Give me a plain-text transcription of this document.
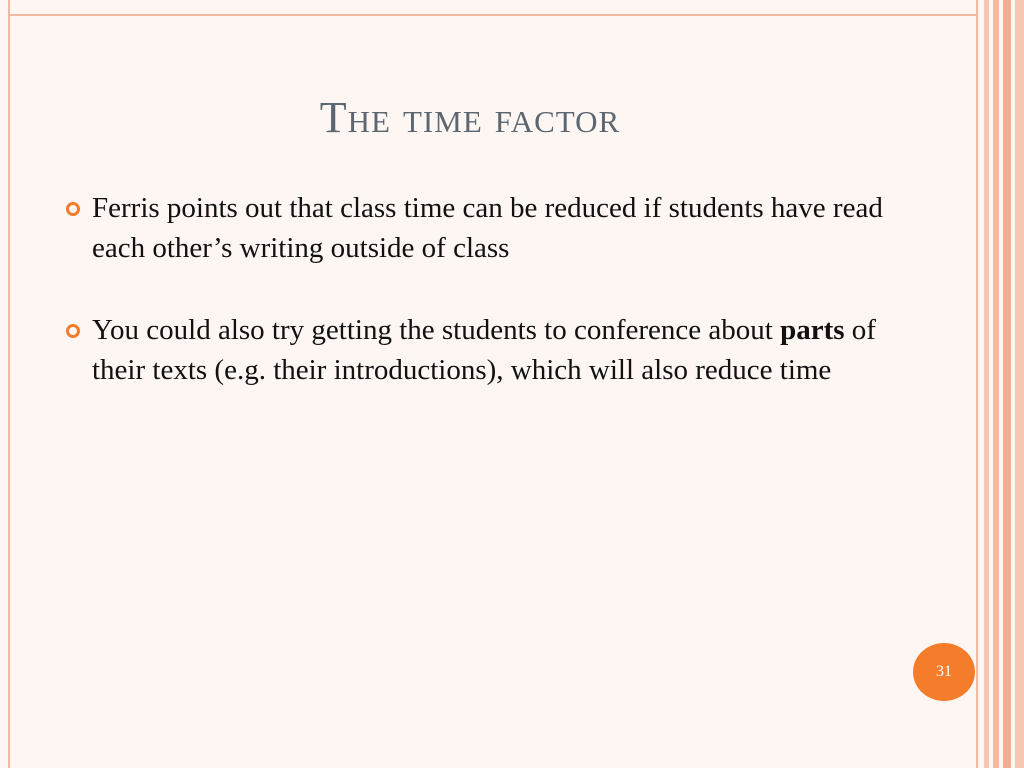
The time factor
Ferris points out that class time can be reduced if students have read each other’s writing outside of class
You could also try getting the students to conference about parts of their texts (e.g. their introductions), which will also reduce time
31
